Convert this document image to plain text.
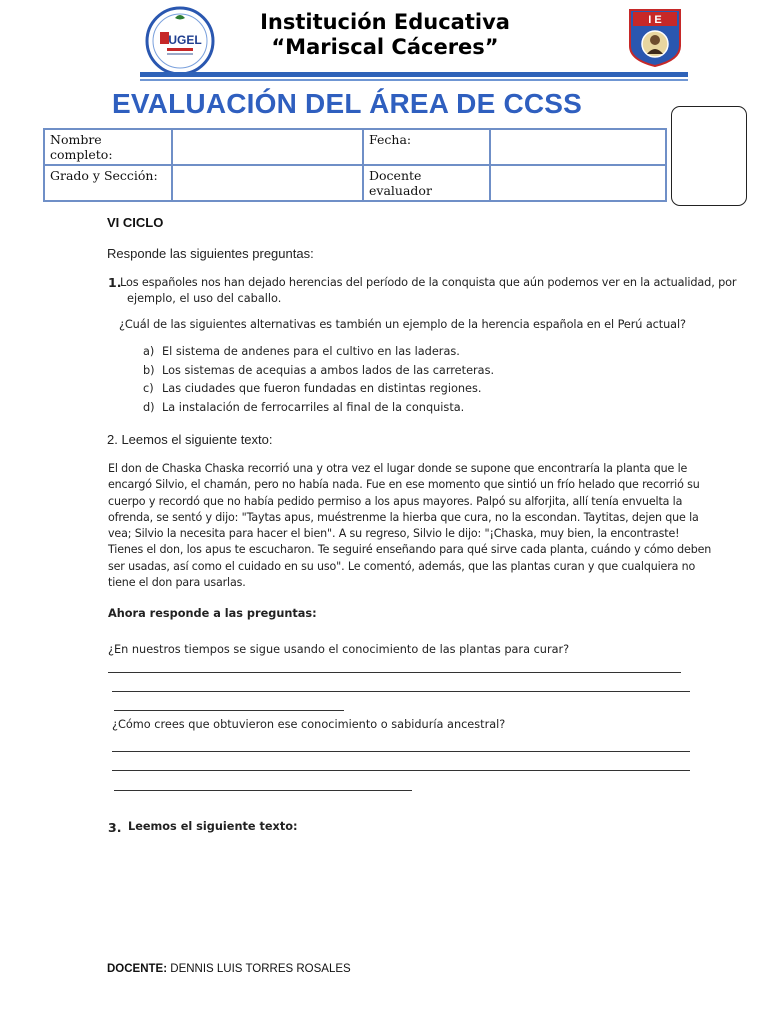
UGEL
Institución Educativa
“Mariscal Cáceres”
I E
EVALUACIÓN DEL ÁREA DE CCSS
Nombre completo:		Fecha:	
Grado y Sección:		Docente evaluador	
VI CICLO
Responde las siguientes preguntas:
1.
Los españoles nos han dejado herencias del período de la conquista que aún podemos ver en la actualidad, por
ejemplo, el uso del caballo.
¿Cuál de las siguientes alternativas es también un ejemplo de la herencia española en el Perú actual?
a) El sistema de andenes para el cultivo en las laderas.
b) Los sistemas de acequias a ambos lados de las carreteras.
c) Las ciudades que fueron fundadas en distintas regiones.
d) La instalación de ferrocarriles al final de la conquista.
2. Leemos el siguiente texto:
El don de Chaska Chaska recorrió una y otra vez el lugar donde se supone que encontraría la planta que le
encargó Silvio, el chamán, pero no había nada. Fue en ese momento que sintió un frío helado que recorrió su
cuerpo y recordó que no había pedido permiso a los apus mayores. Palpó su alforjita, allí tenía envuelta la
ofrenda, se sentó y dijo: "Taytas apus, muéstrenme la hierba que cura, no la escondan. Taytitas, dejen que la
vea; Silvio la necesita para hacer el bien". A su regreso, Silvio le dijo: "¡Chaska, muy bien, la encontraste!
Tienes el don, los apus te escucharon. Te seguiré enseñando para qué sirve cada planta, cuándo y cómo deben
ser usadas, así como el cuidado en su uso". Le comentó, además, que las plantas curan y que cualquiera no
tiene el don para usarlas.
Ahora responde a las preguntas:
¿En nuestros tiempos se sigue usando el conocimiento de las plantas para curar?
¿Cómo crees que obtuvieron ese conocimiento o sabiduría ancestral?
3. Leemos el siguiente texto:
DOCENTE: DENNIS LUIS TORRES ROSALES
